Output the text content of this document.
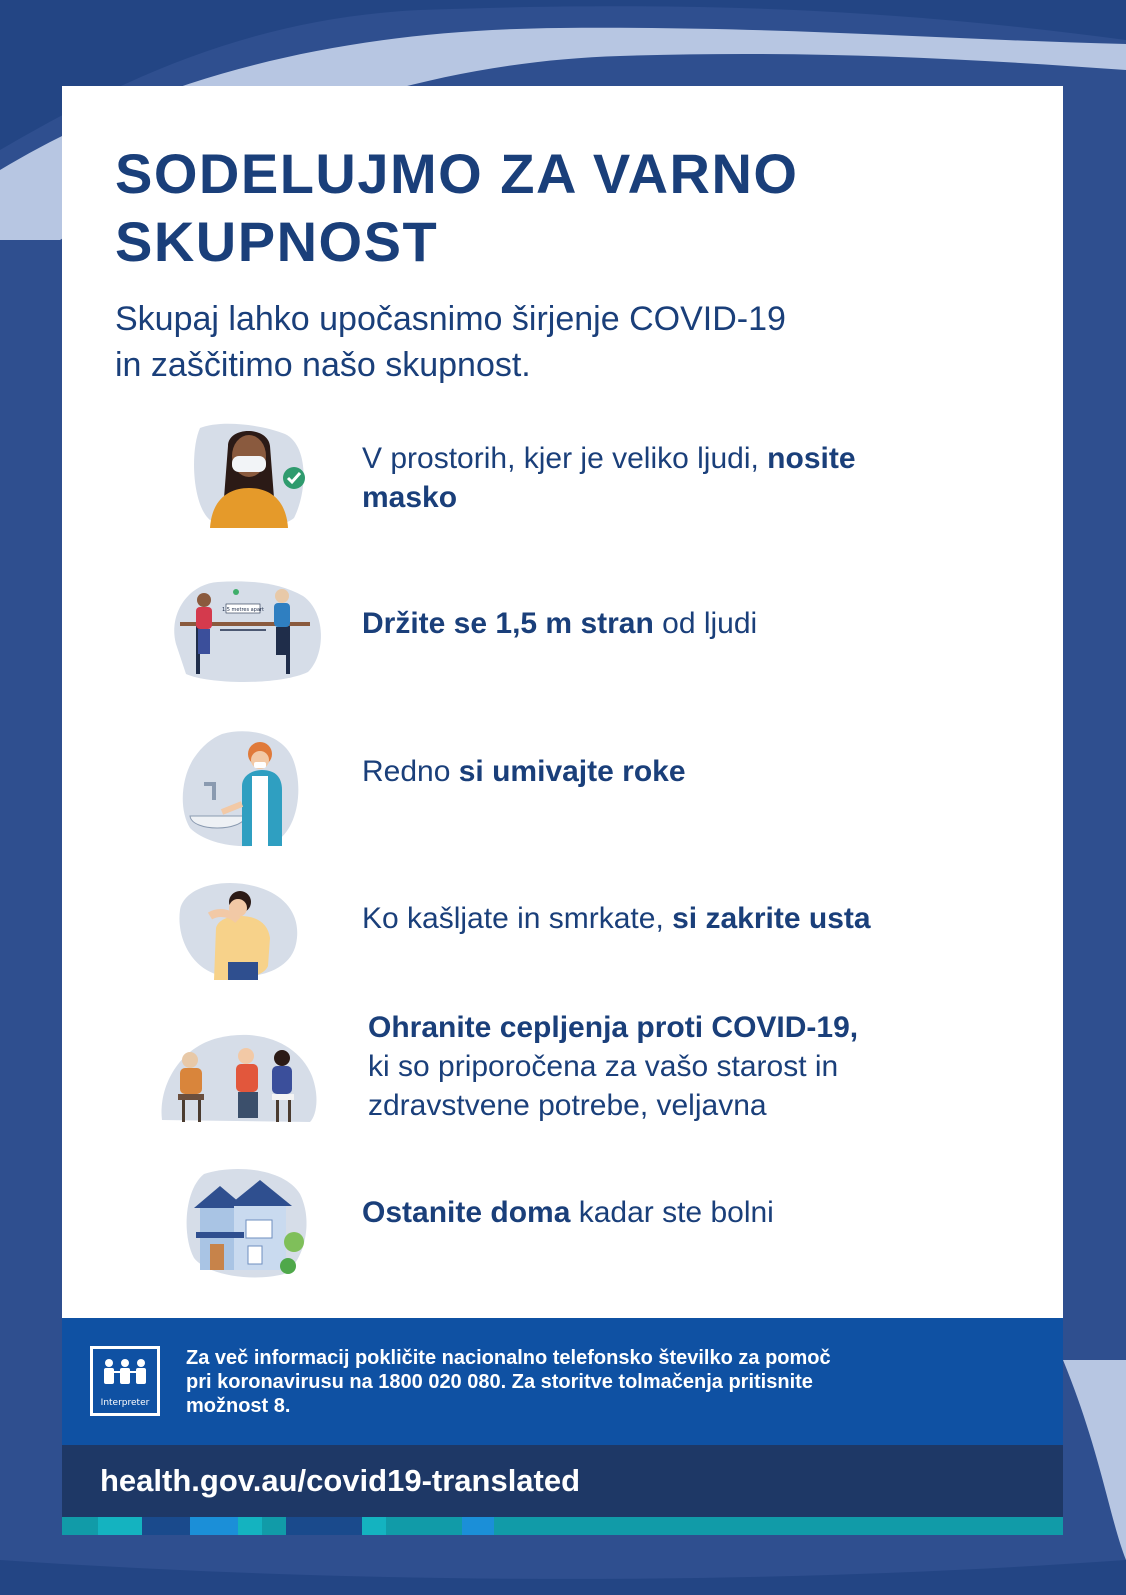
SODELUJMO ZA VARNO
SKUPNOST

Skupaj lahko upočasnimo širjenje COVID-19
in zaščitimo našo skupnost.

V prostorih, kjer je veliko ljudi, nosite
masko
1.5 metres apart	Držite se 1,5 m stran od ljudi
Redno si umivajte roke
Ko kašljate in smrkate, si zakrite usta
Ohranite cepljenja proti COVID-19,
ki so priporočena za vašo starost in
zdravstvene potrebe, veljavna
Ostanite doma kadar ste bolni
Interpreter
Za več informacij pokličite nacionalno telefonsko številko za pomoč
pri koronavirusu na 1800 020 080. Za storitve tolmačenja pritisnite
možnost 8.
health.gov.au/covid19-translated
